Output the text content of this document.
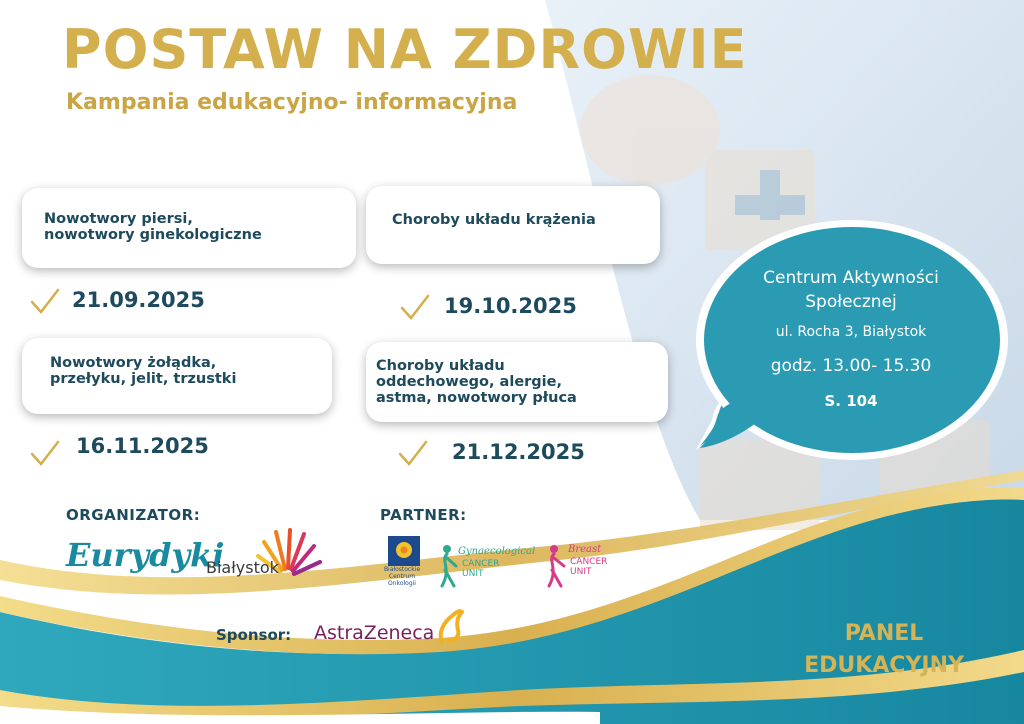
POSTAW NA ZDROWIE
Kampania edukacyjno- informacyjna
Nowotwory piersi,
nowotwory ginekologiczne
21.09.2025
Choroby układu krążenia
19.10.2025
Nowotwory żołądka,
przełyku, jelit, trzustki
16.11.2025
Choroby układu
oddechowego, alergie,
astma, nowotwory płuca
21.12.2025
Centrum Aktywności
Społecznej
ul. Rocha 3, Białystok
godz. 13.00- 15.30
S. 104
ORGANIZATOR:
Eurydyki
Białystok
PARTNER:
Białostockie
Centrum
Onkologii
Gynaecological
CANCER
UNIT
Breast
CANCER
UNIT
Sponsor: AstraZeneca	PANEL
EDUKACYJNY
